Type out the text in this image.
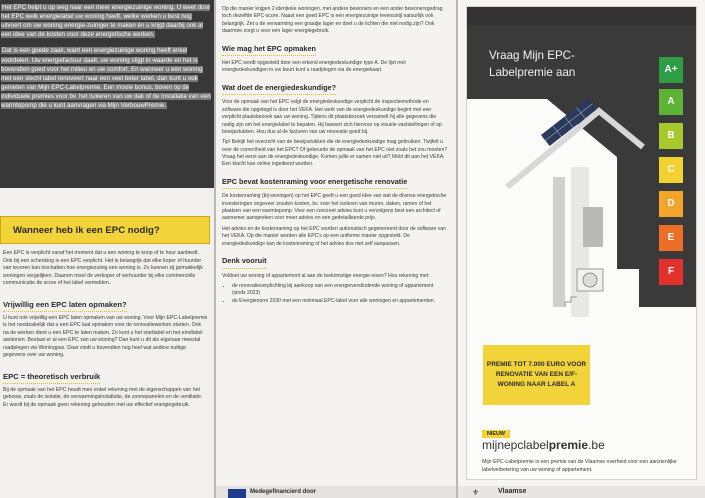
Het EPC helpt u op weg naar een meer energiezuinige woning. U weet door het EPC welk energielabel uw woning heeft, welke werken u best nog uitvoert om uw woning energie-zuiniger te maken én u krijgt daarbij ook al een idee van de kosten voor deze energetische werken.

Dat is een goede zaak, want een energiezuinige woning heeft enkel voordelen. Uw energiefactuur daalt, uw woning stijgt in waarde en het is bovendien goed voor het milieu en uw comfort. En wanneer u een woning met een slecht label renoveert naar een veel beter label, dan kunt u ook genieten van Mijn EPC-Labelpremie. Een mooie bonus, boven op de individuele premies voor bv. het isoleren van uw dak of de installatie van een warmtepomp die u kunt aanvragen via Mijn VerbouwPremie.

Wanneer heb ik een EPC nodig?

Een EPC is verplicht vanaf het moment dat u een woning te koop of te huur aanbiedt. Ook bij een schenking is een EPC verplicht. Het is belangrijk dat elke koper of huurder van tevoren kan inschatten hoe energiezuinig een woning is. Zo kunnen zij gemakkelijk woningen vergelijken. Daarom moet de verkoper of verhuurder bij elke commerciële communicatie de score of het label vermelden.

Vrijwillig een EPC laten opmaken?

U kunt ook vrijwillig een EPC laten opmaken van uw woning. Voor Mijn EPC-Labelpremie is het noodzakelijk dat u een EPC laat opmaken voor de renovatiewerken starten. Ook na de werken dient u een EPC te laten maken. Zo kunt u het startlabel en het eindlabel aantonen. Bestaat er al een EPC van uw woning? Dan kunt u dit als eigenaar meestal raadplegen via Woningpas. Daar vindt u bovendien nog heel wat andere nuttige gegevens over uw woning.

EPC = theoretisch verbruik

Bij de opmaak van het EPC houdt men enkel rekening met de eigenschappen van het gebouw, zoals de isolatie, de verwarmingsinstallatie, de zonnepanelen en de ventilatie. Er wordt bij de opmaak geen rekening gehouden met uw effectief energiegebruik.

Op die manier krijgen 2 identieke woningen, met andere bewoners en een ander bewonersgedrag toch dezelfde EPC-score. Naast een goed EPC is een energiezuinige levensstijl natuurlijk ook belangrijk. Zet u de verwarming een graadje lager en doet u de lichten die niet nodig zijn? Ook daarmee zorgt u voor een lager energiegebruik.

Wie mag het EPC opmaken

Het EPC wordt opgesteld door een erkend energiedeskundige type A. De lijst met energiedeskundigen in uw buurt kunt u raadplegen via de energiekaart.

Wat doet de energiedeskundige?

Voor de opmaak van het EPC volgt de energiedeskundige verplicht de inspectiemethode en software die opgelegd is door het VEKA. Het werk van de energiedeskundige begint met een verplicht plaatsbezoek aan uw woning. Tijdens dit plaatsbezoek verzamelt hij alle gegevens die nodig zijn om het energielabel te bepalen. Hij baseert zich hiervoor op visuele vaststellingen of op bewijsstukken. Hou dus al de facturen van uw renovatie goed bij.

Tip! Bekijk het overzicht van de bewijsstukken die de energiedeskundige mag gebruiken. Twijfelt u over de correctheid van het EPC? Of gebeurde de opmaak van het EPC niet zoals het zou moeten? Vraag het eerst aan de energiedeskundige. Komen jullie er samen niet uit? Meld dit aan het VEKA. Een klacht kan online ingediend worden.

EPC bevat kostenraming voor energetische renovatie

De kostenraming (bij woningen) op het EPC geeft u een goed idee van wat de diverse energetische investeringen ongeveer zouden kosten, bv. voor het isoleren van muren, daken, ramen of het plaatsen van een warmtepomp. Voor een concreet advies kunt u vervolgens best een architect of aannemer aanspreken voor meer advies en een gedetailleerde prijs.

Het advies en de kostenraming op het EPC worden automatisch gegenereerd door de software van het VEKA. Op die manier worden alle EPC's op een uniforme manier opgesteld. De energiedeskundige kan de kostenraming of het advies dus niet zelf aanpassen.

Denk vooruit

Voldoet uw woning of appartement al aan de toekomstige energie-eisen? Hou rekening met:

• de renovatieverplichting bij aankoop van een energieverslindende woning of appartement (sinds 2023)
• de Energienorm 2030 met een minimaal EPC-label voor alle woningen en appartementen.
Medegefinancierd door
Vraag Mijn EPC-Labelpremie aan	A+
A
B
C
D
E
F
PREMIE TOT 7.000 EURO VOOR RENOVATIE VAN EEN E/F-WONING NAAR LABEL A
NIEUW
mijnepclabelpremie.be
Mijn EPC-Labelpremie is een premie van de Vlaamse overheid voor een aanzienlijke labelverbetering van uw woning of appartement.
⚜	Vlaamse
